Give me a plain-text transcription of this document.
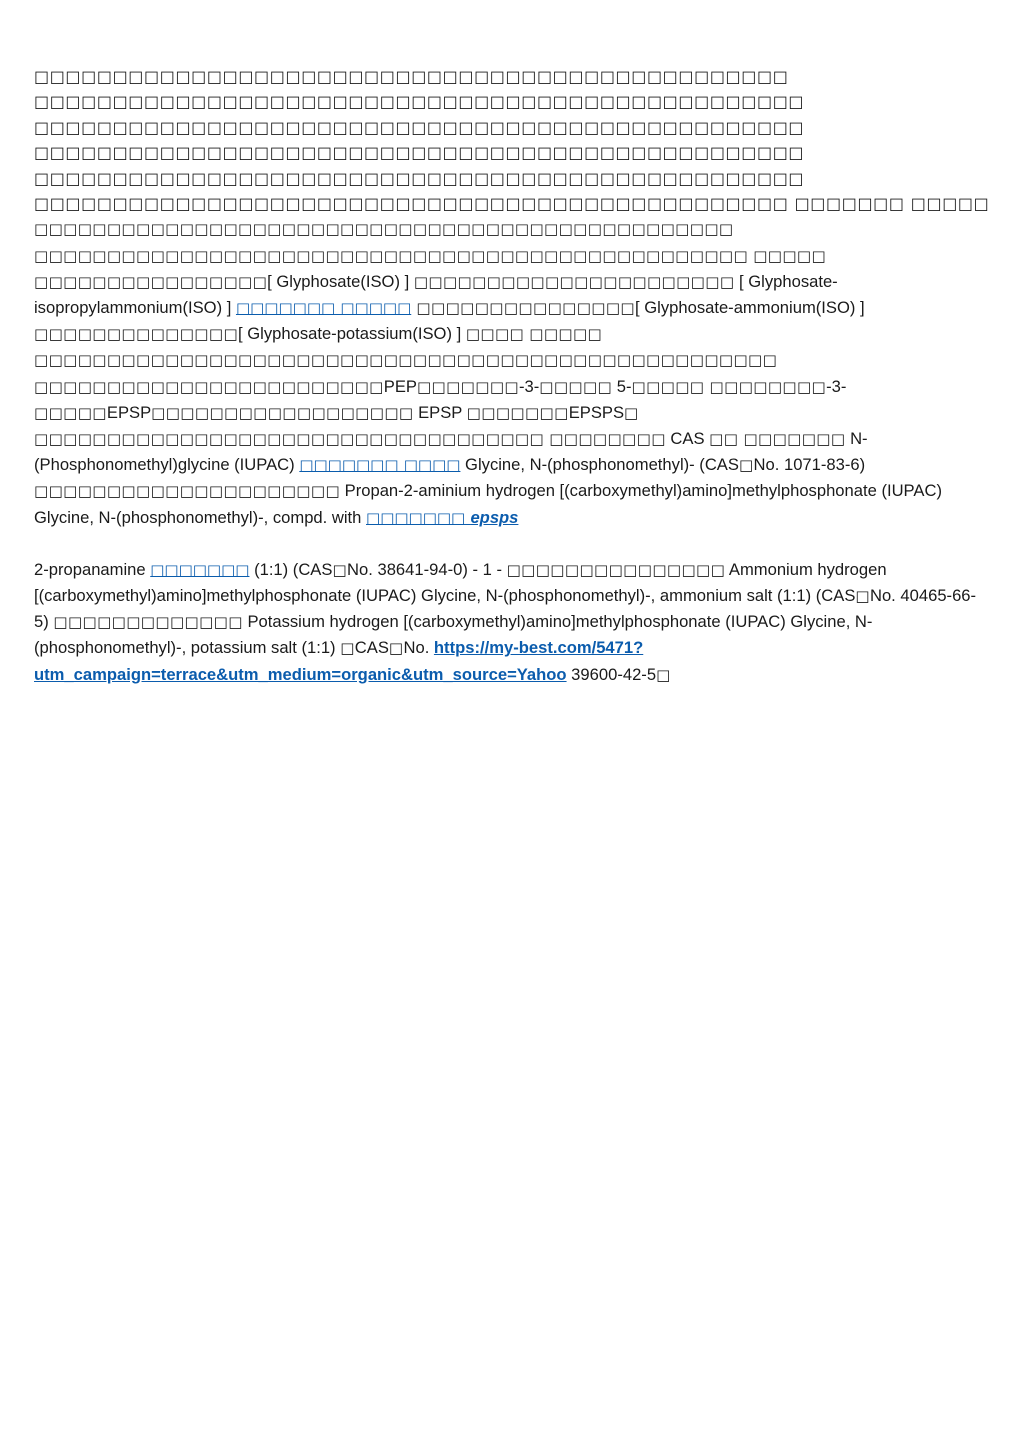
□□□□□□□□□□□□□□□□□□□□□□□□□□□□□□□□□□□□□□□□□□□□□□□□

□□□□□□□□□□□□□□□□□□□□□□□□□□□□□□□□□□□□□□□□□□□□□□□□□

□□□□□□□□□□□□□□□□□□□□□□□□□□□□□□□□□□□□□□□□□□□□□□□□□

□□□□□□□□□□□□□□□□□□□□□□□□□□□□□□□□□□□□□□□□□□□□□□□□□

□□□□□□□□□□□□□□□□□□□□□□□□□□□□□□□□□□□□□□□□□□□□□□□□□

□□□□□□□□□□□□□□□□□□□□□□□□□□□□□□□□□□□□□□□□□□□□□□□□ □□□□□□□ □□□□□

□□□□□□□□□□□□□□□□□□□□□□□□□□□□□□□□□□□□□□□□□□□□□□□□ □□□□□□□□□□□□□□□□□□□□□□□□□□□□□□□□□□□□□□□□□□□□□□□□□ □□□□□ □□□□□□□□□□□□□□□□[ Glyphosate(ISO) ] □□□□□□□□□□□□□□□□□□□□□□ [ Glyphosate-isopropylammonium(ISO) ] □□□□□□□ □□□□□ □□□□□□□□□□□□□□□[ Glyphosate-ammonium(ISO) ] □□□□□□□□□□□□□□[ Glyphosate-potassium(ISO) ] □□□□ □□□□□ □□□□□□□□□□□□□□□□□□□□□□□□□□□□□□□□□□□□□□□□□□□□□□□□□□□ □□□□□□□□□□□□□□□□□□□□□□□□PEP□□□□□□□-3-□□□□□ 5-□□□□□ □□□□□□□□-3-□□□□□EPSP□□□□□□□□□□□□□□□□□□ EPSP □□□□□□□EPSPS□ □□□□□□□□□□□□□□□□□□□□□□□□□□□□□□□□□□□ □□□□□□□□ CAS □□ □□□□□□□ N-(Phosphonomethyl)glycine (IUPAC) □□□□□□□ □□□□ Glycine, N-(phosphonomethyl)- (CAS□No. 1071-83-6) □□□□□□□□□□□□□□□□□□□□□ Propan-2-aminium hydrogen [(carboxymethyl)amino]methylphosphonate (IUPAC) Glycine, N-(phosphonomethyl)-, compd. with □□□□□□□ epsps

2-propanamine □□□□□□□ (1:1) (CAS□No. 38641-94-0) - 1 - □□□□□□□□□□□□□□□ Ammonium hydrogen [(carboxymethyl)amino]methylphosphonate (IUPAC) Glycine, N-(phosphonomethyl)-, ammonium salt (1:1) (CAS□No. 40465-66-5) □□□□□□□□□□□□□ Potassium hydrogen [(carboxymethyl)amino]methylphosphonate (IUPAC) Glycine, N-(phosphonomethyl)-, potassium salt (1:1) □CAS□No. https://my-best.com/5471?utm_campaign=terrace&utm_medium=organic&utm_source=Yahoo 39600-42-5□
